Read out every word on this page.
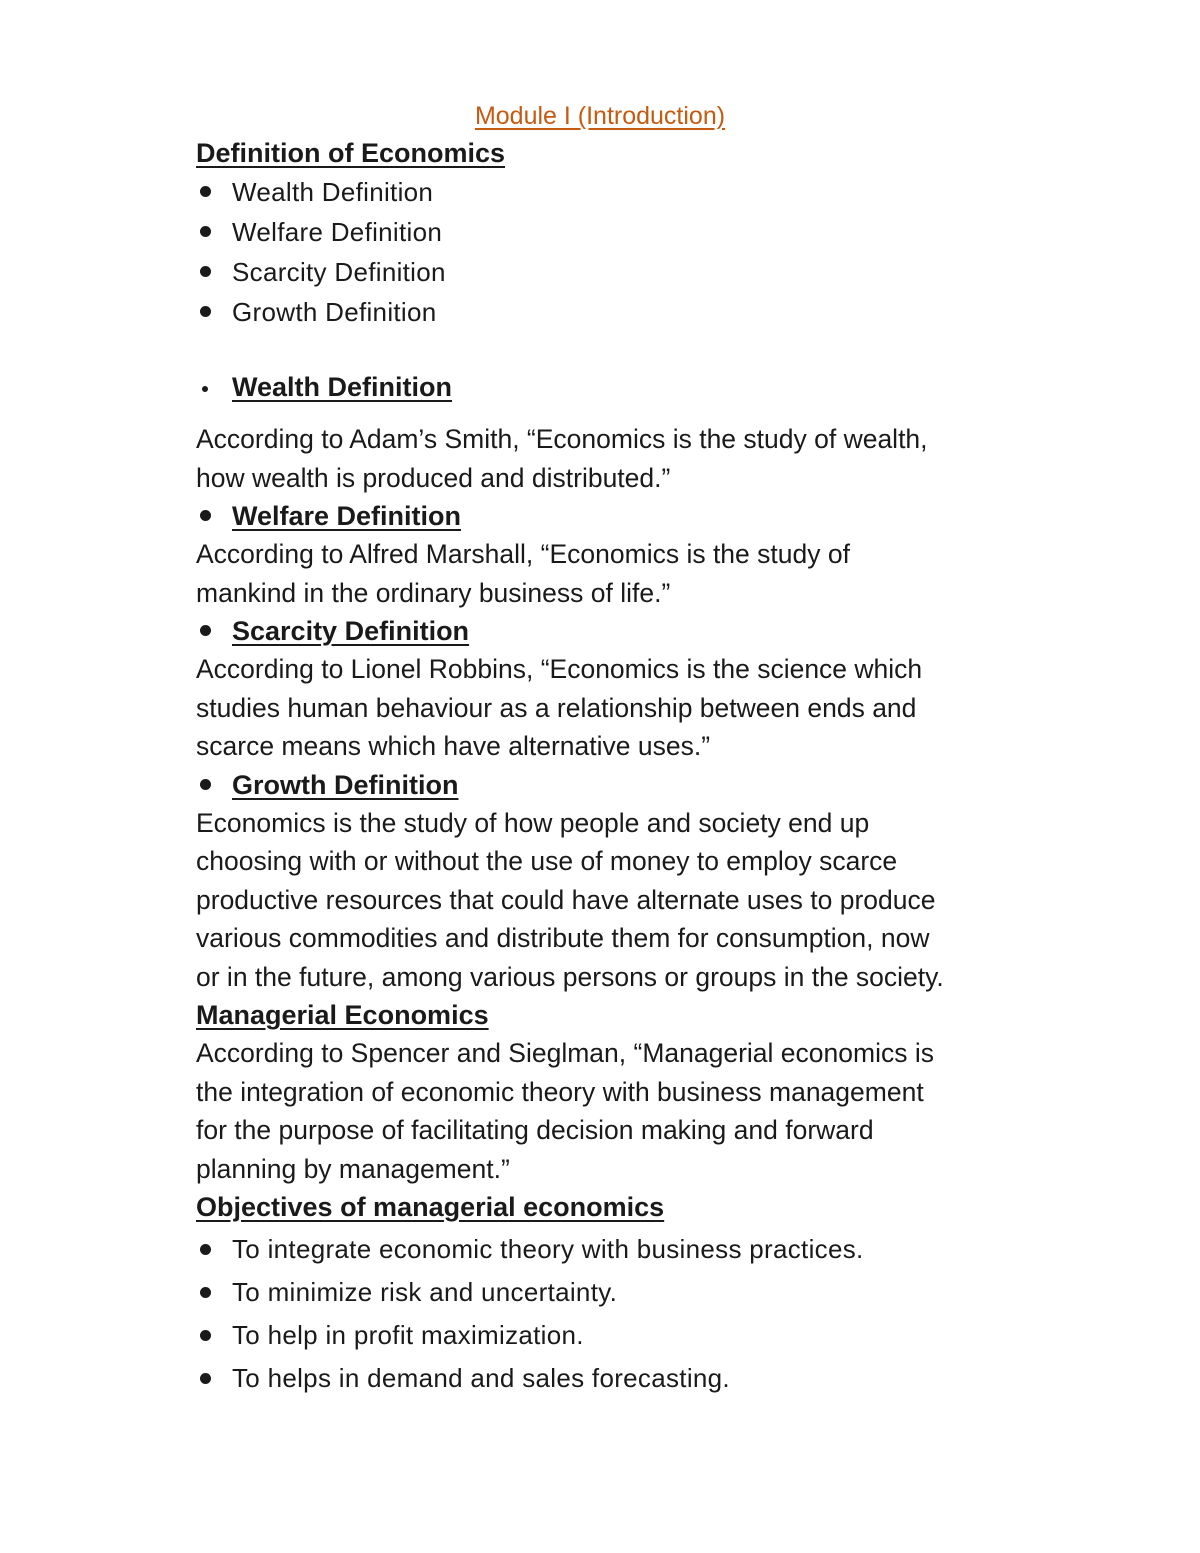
Module I (Introduction)
Definition of Economics
Wealth Definition
Welfare Definition
Scarcity Definition
Growth Definition
Wealth Definition

According to Adam’s Smith, “Economics is the study of wealth, how wealth is produced and distributed.”

Welfare Definition

According to Alfred Marshall, “Economics is the study of mankind in the ordinary business of life.”

Scarcity Definition

According to Lionel Robbins, “Economics is the science which studies human behaviour as a relationship between ends and scarce means which have alternative uses.”

Growth Definition

Economics is the study of how people and society end up choosing with or without the use of money to employ scarce productive resources that could have alternate uses to produce various commodities and distribute them for consumption, now or in the future, among various persons or groups in the society.

Managerial Economics

According to Spencer and Sieglman, “Managerial economics is the integration of economic theory with business management for the purpose of facilitating decision making and forward planning by management.”

Objectives of managerial economics
To integrate economic theory with business practices.
To minimize risk and uncertainty.
To help in profit maximization.
To helps in demand and sales forecasting.
